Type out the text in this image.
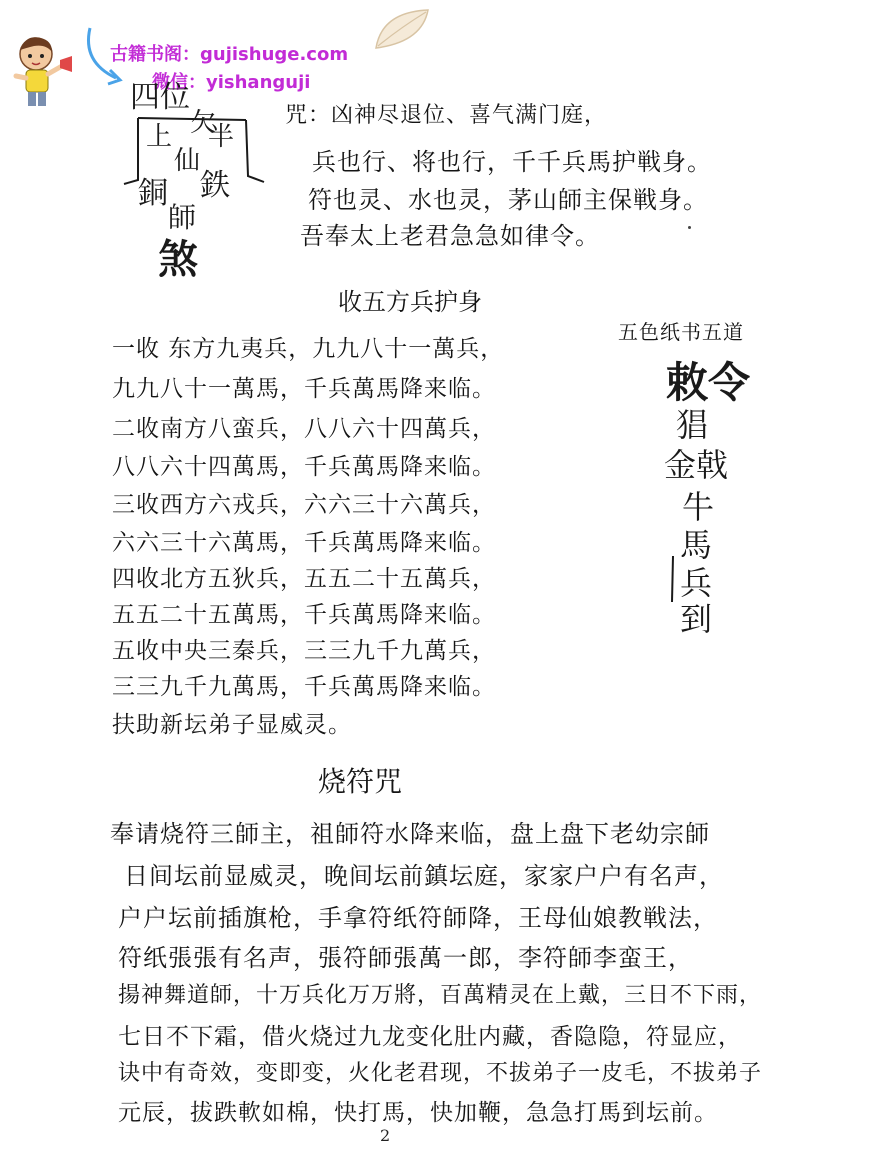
古籍书阁：gujishuge.com
微信：yishanguji
四位
欠
上 半
仙
銅 鉄
師
煞
咒：凶神尽退位、喜气满门庭，
兵也行、将也行，千千兵馬护戦身。
符也灵、水也灵，茅山師主保戦身。
吾奉太上老君急急如律令。
收五方兵护身
一收 东方九夷兵，九九八十一萬兵，
九九八十一萬馬，千兵萬馬降来临。
二收南方八蛮兵，八八六十四萬兵，
八八六十四萬馬，千兵萬馬降来临。
三收西方六戎兵，六六三十六萬兵，
六六三十六萬馬，千兵萬馬降来临。
四收北方五狄兵，五五二十五萬兵，
五五二十五萬馬，千兵萬馬降来临。
五收中央三秦兵，三三九千九萬兵，
三三九千九萬馬，千兵萬馬降来临。
扶助新坛弟子显威灵。
五色纸书五道
敕令
猖
金戟
牛
馬
兵
到
烧符咒
奉请烧符三師主，祖師符水降来临，盘上盘下老幼宗師
日间坛前显威灵，晚间坛前鎮坛庭，家家户户有名声，
户户坛前插旗枪，手拿符纸符師降，王母仙娘教戦法，
符纸張張有名声，張符師張萬一郎，李符師李蛮王，
揚神舞道師，十万兵化万万將，百萬精灵在上戴，三日不下雨，
七日不下霜，借火烧过九龙变化肚内藏，香隐隐，符显应，
诀中有奇效，变即变，火化老君现，不拔弟子一皮毛，不拔弟子
元辰，拔跌軟如棉，快打馬，快加鞭，急急打馬到坛前。
2
